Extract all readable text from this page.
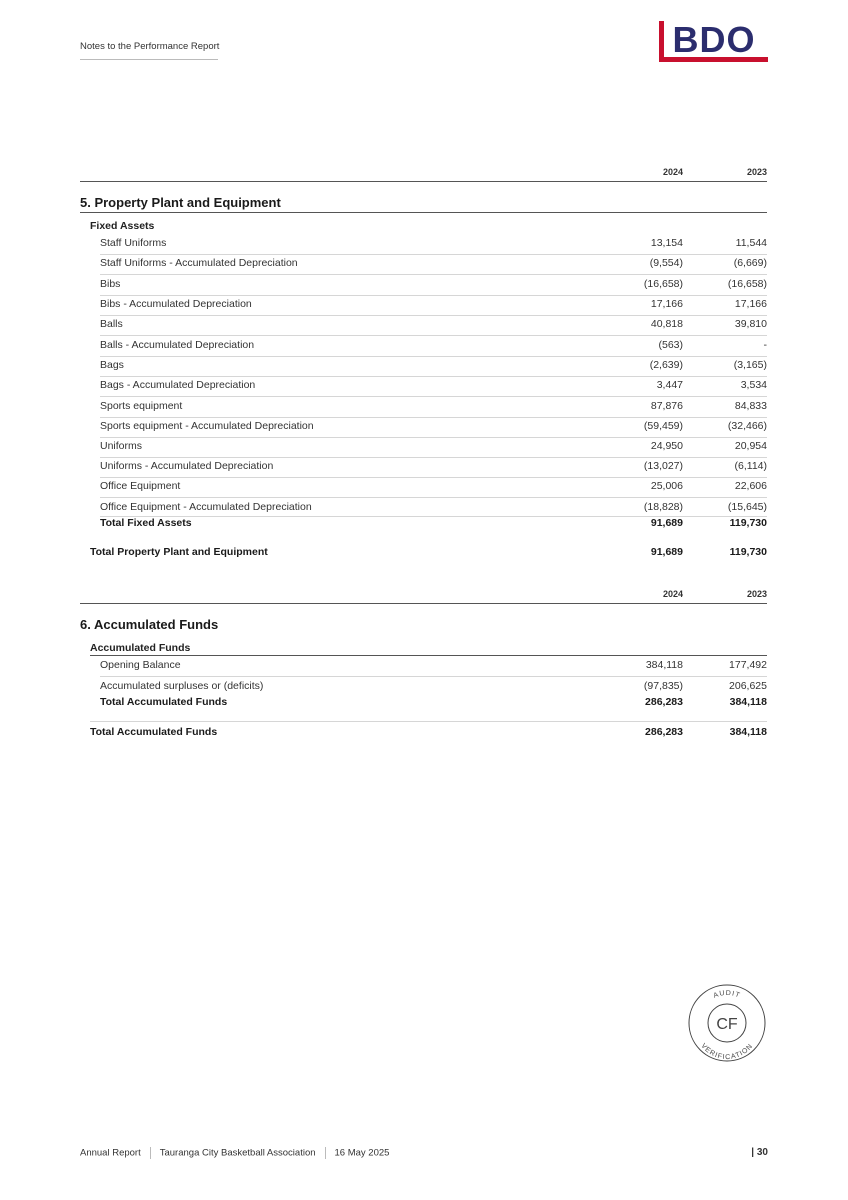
Notes to the Performance Report	BDO
2024	2023
5. Property Plant and Equipment
Fixed Assets
Staff Uniforms	13,154	11,544
Staff Uniforms - Accumulated Depreciation	(9,554)	(6,669)
Bibs	(16,658)	(16,658)
Bibs - Accumulated Depreciation	17,166	17,166
Balls	40,818	39,810
Balls - Accumulated Depreciation	(563)	-
Bags	(2,639)	(3,165)
Bags - Accumulated Depreciation	3,447	3,534
Sports equipment	87,876	84,833
Sports equipment - Accumulated Depreciation	(59,459)	(32,466)
Uniforms	24,950	20,954
Uniforms - Accumulated Depreciation	(13,027)	(6,114)
Office Equipment	25,006	22,606
Office Equipment - Accumulated Depreciation	(18,828)	(15,645)
Total Fixed Assets	91,689	119,730
Total Property Plant and Equipment	91,689	119,730
2024	2023
6. Accumulated Funds
Accumulated Funds
Opening Balance	384,118	177,492
Accumulated surpluses or (deficits)	(97,835)	206,625
Total Accumulated Funds	286,283	384,118
Total Accumulated Funds	286,283	384,118
AUDIT
VERIFICATION
CF
Annual Report Tauranga City Basketball Association 16 May 2025	| 30
